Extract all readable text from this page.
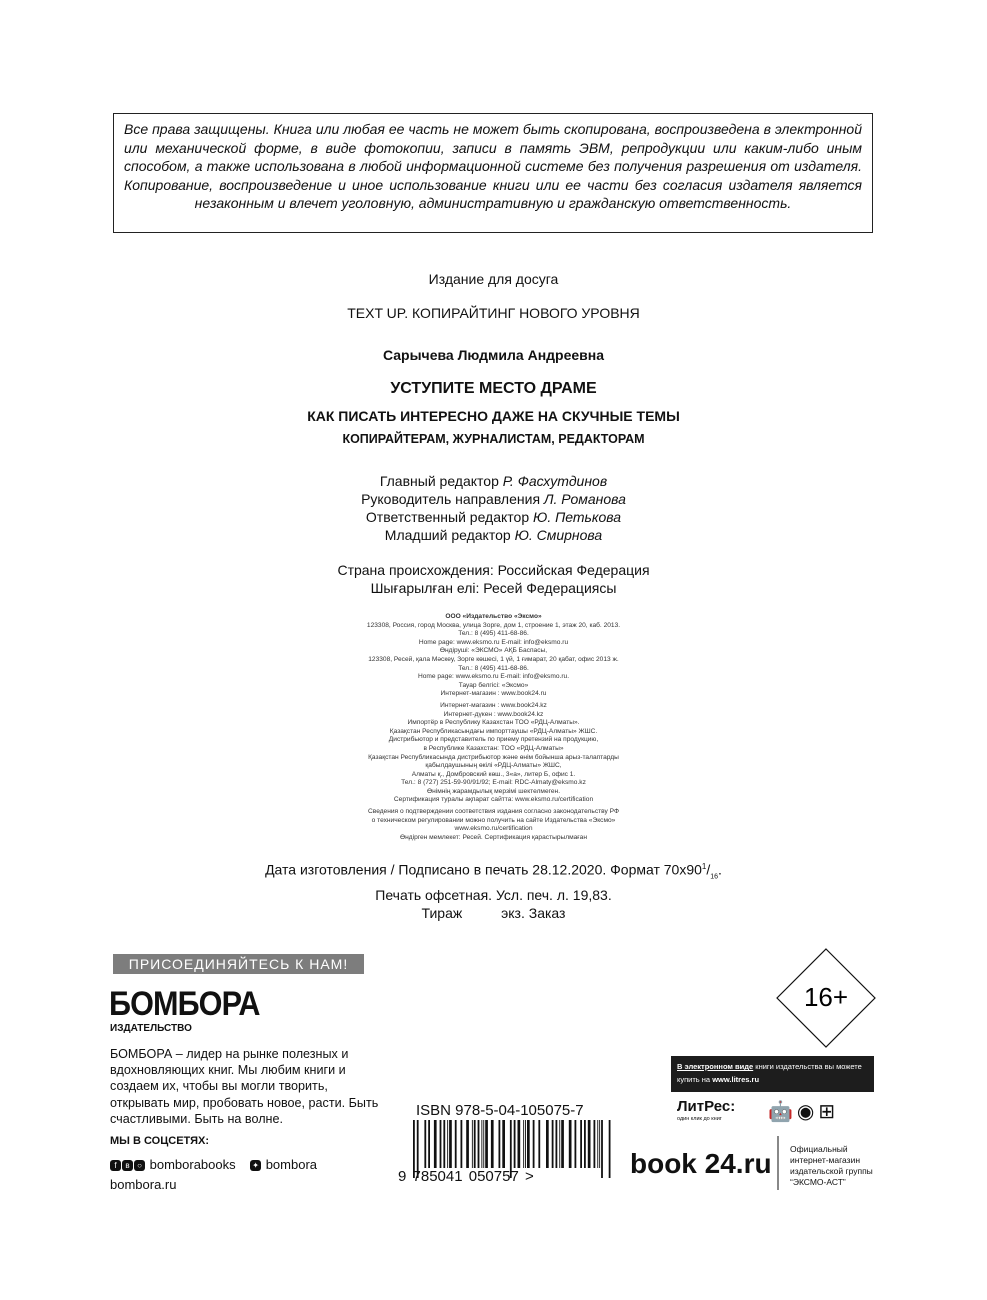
Все права защищены. Книга или любая ее часть не может быть скопирована, воспроизведена в электронной или механической форме, в виде фотокопии, записи в память ЭВМ, репродукции или каким-либо иным способом, а также использована в любой информационной системе без получения разрешения от издателя. Копирование, воспроизведение и иное использование книги или ее части без согласия издателя является незаконным и влечет уголовную, административную и гражданскую ответственность.
Издание для досуга
TEXT UP. КОПИРАЙТИНГ НОВОГО УРОВНЯ
Сарычева Людмила Андреевна
УСТУПИТЕ МЕСТО ДРАМЕ
КАК ПИСАТЬ ИНТЕРЕСНО ДАЖЕ НА СКУЧНЫЕ ТЕМЫ
КОПИРАЙТЕРАМ, ЖУРНАЛИСТАМ, РЕДАКТОРАМ
Главный редактор Р. Фасхутдинов
Руководитель направления Л. Романова
Ответственный редактор Ю. Петькова
Младший редактор Ю. Смирнова
Страна происхождения: Российская Федерация
Шығарылған елі: Ресей Федерациясы
ООО «Издательство «Эксмо»
123308, Россия, город Москва, улица Зорге, дом 1, строение 1, этаж 20, каб. 2013.
Тел.: 8 (495) 411-68-86.
Home page: www.eksmo.ru E-mail: info@eksmo.ru
Өндіруші: «ЭКСМО» АҚБ Баспасы,
123308, Ресей, қала Мәскеу, Зорге көшесі, 1 үй, 1 ғимарат, 20 қабат, офис 2013 ж.
Тел.: 8 (495) 411-68-86.
Home page: www.eksmo.ru E-mail: info@eksmo.ru.
Тауар белгісі: «Эксмо»
Интернет-магазин : www.book24.ru
Интернет-магазин : www.book24.kz
Интернет-дүкен : www.book24.kz
Импортёр в Республику Казахстан ТОО «РДЦ-Алматы».
Қазақстан Республикасындағы импорттаушы «РДЦ-Алматы» ЖШС.
Дистрибьютор и представитель по приему претензий на продукцию,
в Республике Казахстан: ТОО «РДЦ-Алматы»
Қазақстан Республикасында дистрибьютор және өнім бойынша арыз-талаптарды
қабылдаушының өкілі «РДЦ-Алматы» ЖШС,
Алматы қ., Домбровский көш., 3«а», литер Б, офис 1.
Тел.: 8 (727) 251-59-90/91/92; E-mail: RDC-Almaty@eksmo.kz
Өнімнің жарамдылық мерзімі шектелмеген.
Сертификация туралы ақпарат сайтта: www.eksmo.ru/certification
Сведения о подтверждении соответствия издания согласно законодательству РФ
о техническом регулировании можно получить на сайте Издательства «Эксмо»
www.eksmo.ru/certification
Өндірген мемлекет: Ресей. Сертификация қарастырылмаған
Дата изготовления / Подписано в печать 28.12.2020. Формат $70х90^1/_{16}$.
Печать офсетная. Усл. печ. л. 19,83.
Тираж          экз. Заказ
ПРИСОЕДИНЯЙТЕСЬ К НАМ!
БОМБОРА
ИЗДАТЕЛЬСТВО
БОМБОРА – лидер на рынке полезных и вдохновляющих книг. Мы любим книги и создаем их, чтобы вы могли творить, открывать мир, пробовать новое, расти. Быть счастливыми. Быть на волне.
МЫ В СОЦСЕТЯХ:
f в ○ bomborabooks ✦ bombora
bombora.ru
ISBN 978-5-04-105075-7
9 785041 050757 >
16+
В электронном виде книги издательства вы можете купить на www.litres.ru
ЛитРес:
один клик до книг 🤖◉⊞
book 24.ru Официальный
интернет-магазин
издательской группы
“ЭКСМО-АСТ”
